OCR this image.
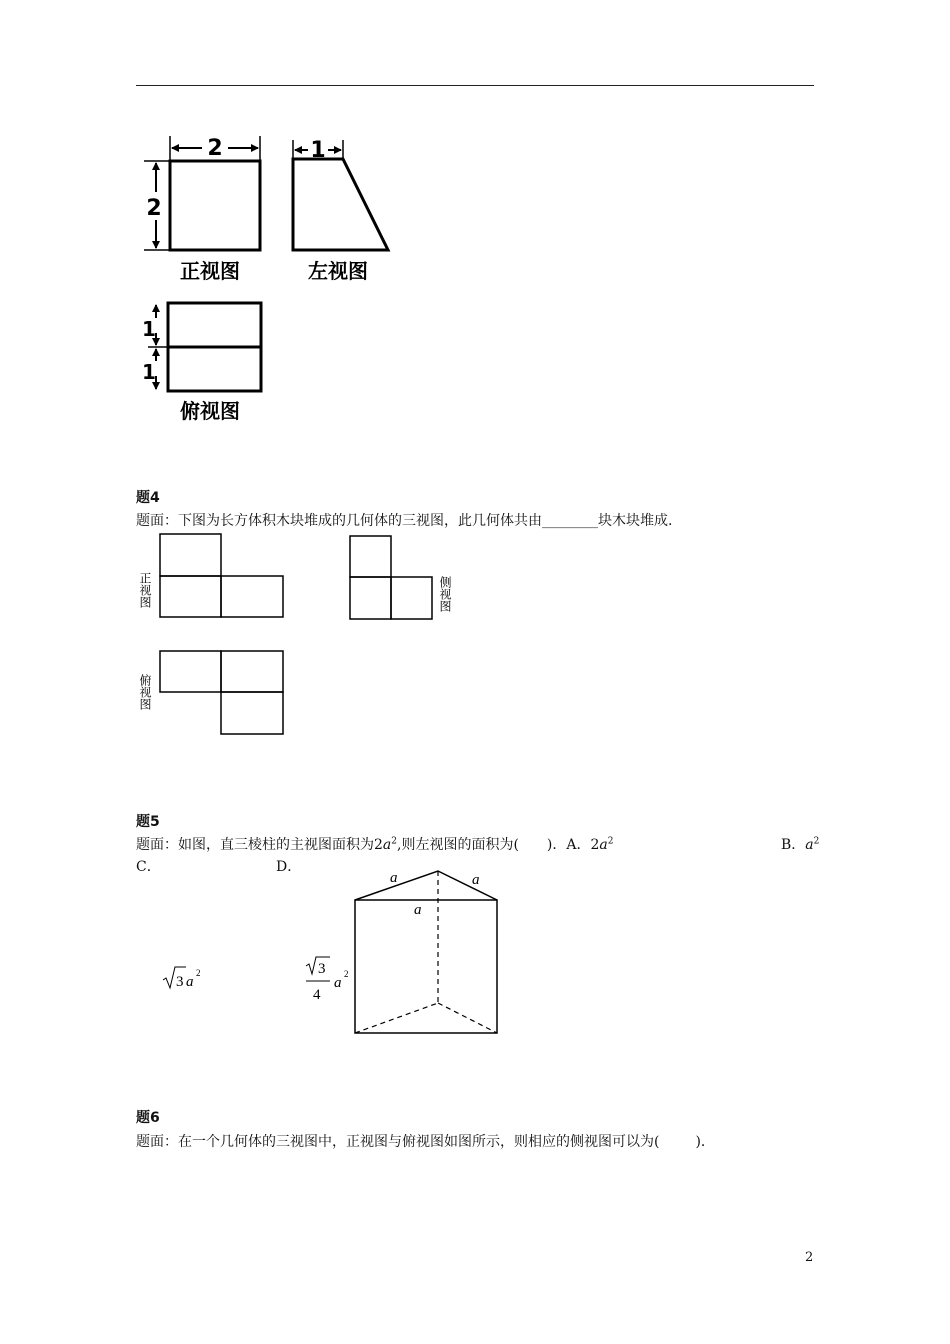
2
2
正视图
1
左视图
1
1
俯视图
题4
题面：下图为长方体积木块堆成的几何体的三视图，此几何体共由________块木块堆成.
正视图	侧视图
俯视图
题5
题面：如图，直三棱柱的主视图面积为$2a^2$,则左视图的面积为( )．A．$2a^2$	B．$a^2$
C．	D．
3 a
2	3
4
a
2
a	a
a
题6
题面：在一个几何体的三视图中，正视图与俯视图如图所示，则相应的侧视图可以为(	)．
2
